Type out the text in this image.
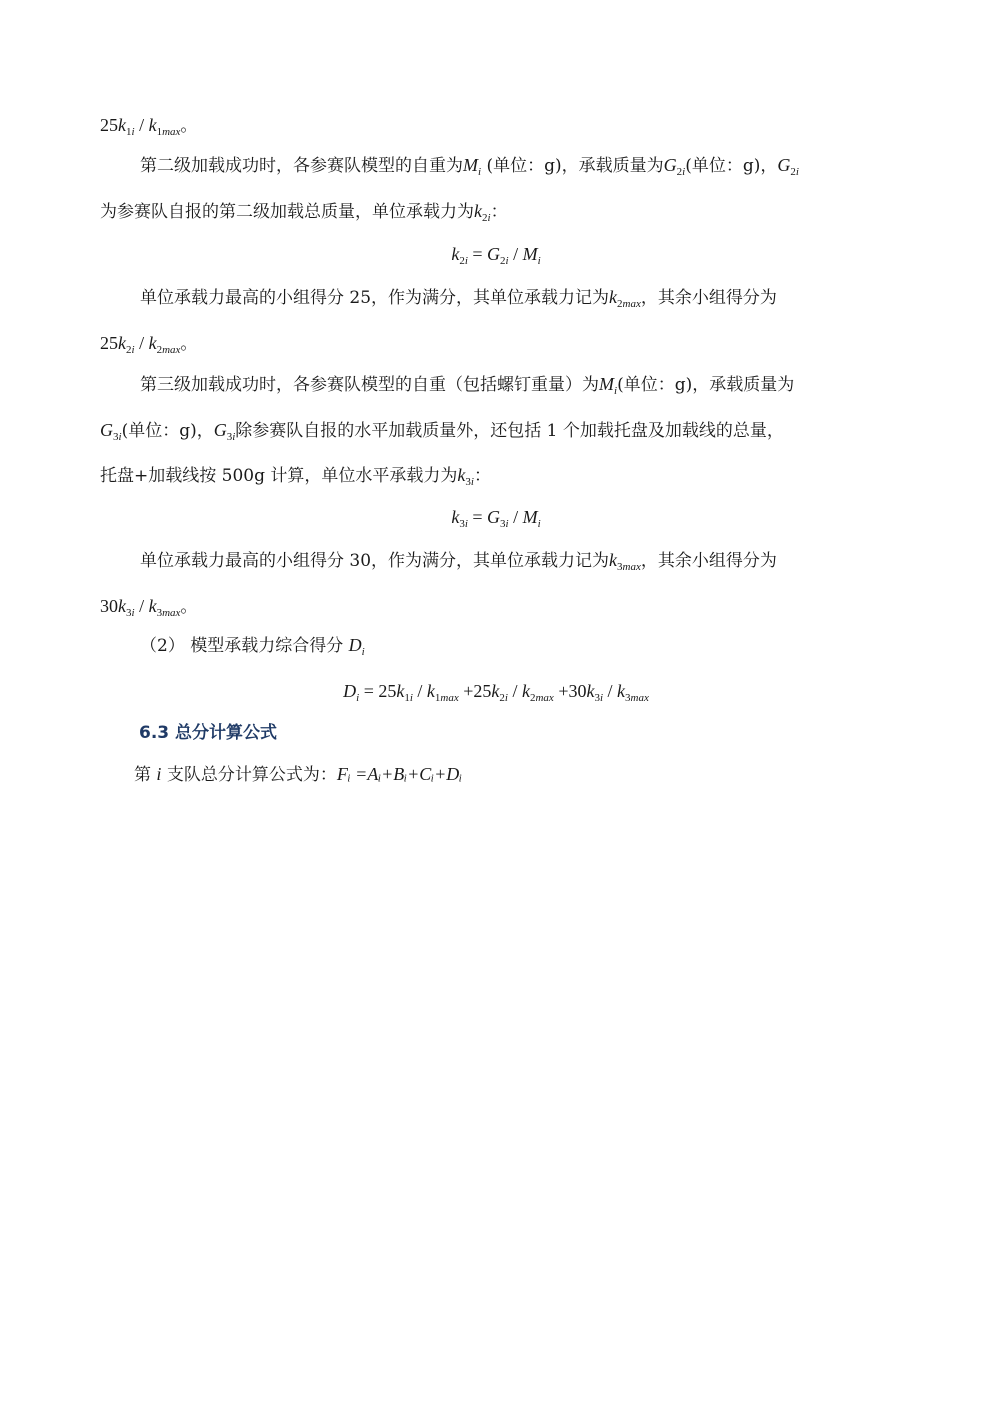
$25k_{1i} / k_{1max}$。
第二级加载成功时，各参赛队模型的自重为$M_i$ (单位：g)，承载质量为$G_{2i}$(单位：g)，$G_{2i}$
为参赛队自报的第二级加载总质量，单位承载力为$k_{2i}$：
$k_{2i} = G_{2i} / M_i$
单位承载力最高的小组得分 25，作为满分，其单位承载力记为$k_{2max}$，其余小组得分为
$25k_{2i} / k_{2max}$。
第三级加载成功时，各参赛队模型的自重（包括螺钉重量）为$M_i$(单位：g)，承载质量为
$G_{3i}$(单位：g)，$G_{3i}$除参赛队自报的水平加载质量外，还包括 1 个加载托盘及加载线的总量，
托盘+加载线按 500g 计算，单位水平承载力为$k_{3i}$：
$k_{3i} = G_{3i} / M_i$
单位承载力最高的小组得分 30，作为满分，其单位承载力记为$k_{3max}$，其余小组得分为
$30k_{3i} / k_{3max}$。
（2） 模型承载力综合得分 $D_i$
$D_i = 25k_{1i} / k_{1max} +25k_{2i} / k_{2max} +30k_{3i} / k_{3max}$
6.3 总分计算公式
第 i 支队总分计算公式为：Fᵢ =Aᵢ+Bᵢ+Cᵢ+Dᵢ
